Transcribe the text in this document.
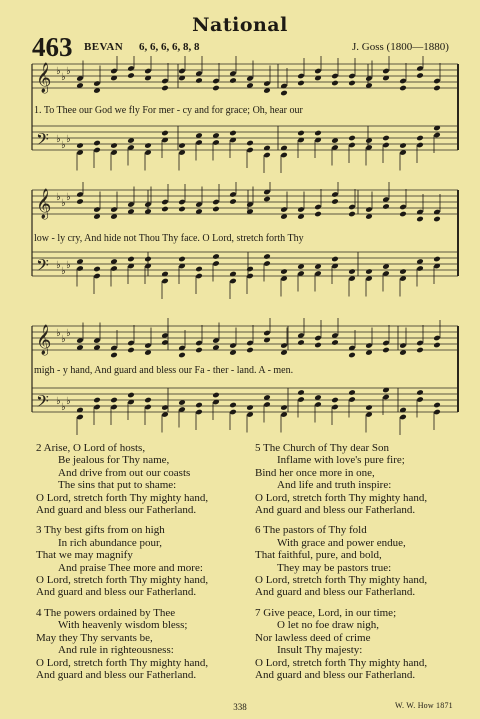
National
463 BEVAN 6, 6, 6, 6, 8, 8	J. Goss (1800—1880)
𝄞 ♭
♭
♭
𝄢 ♭
♭
♭
1. To Thee our God we fly For mer - cy and for grace; Oh, hear our
𝄞 ♭
♭
♭
𝄢 ♭
♭
♭
low - ly cry, And hide not Thou Thy face. O Lord, stretch forth Thy
𝄞 ♭
♭
♭
𝄢 ♭
♭
♭
migh - y hand, And guard and bless our Fa - ther - land. A - men.

2 Arise, O Lord of hosts,

Be jealous for Thy name,

And drive from out our coasts

The sins that put to shame:

O Lord, stretch forth Thy mighty hand,

And guard and bless our Fatherland.

3 Thy best gifts from on high

In rich abundance pour,

That we may magnify

And praise Thee more and more:

O Lord, stretch forth Thy mighty hand,

And guard and bless our Fatherland.

4 The powers ordained by Thee

With heavenly wisdom bless;

May they Thy servants be,

And rule in righteousness:

O Lord, stretch forth Thy mighty hand,

And guard and bless our Fatherland.

5 The Church of Thy dear Son

Inflame with love's pure fire;

Bind her once more in one,

And life and truth inspire:

O Lord, stretch forth Thy mighty hand,

And guard and bless our Fatherland.

6 The pastors of Thy fold

With grace and power endue,

That faithful, pure, and bold,

They may be pastors true:

O Lord, stretch forth Thy mighty hand,

And guard and bless our Fatherland.

7 Give peace, Lord, in our time;

O let no foe draw nigh,

Nor lawless deed of crime

Insult Thy majesty:

O Lord, stretch forth Thy mighty hand,

And guard and bless our Fatherland.

338	W. W. How 1871
